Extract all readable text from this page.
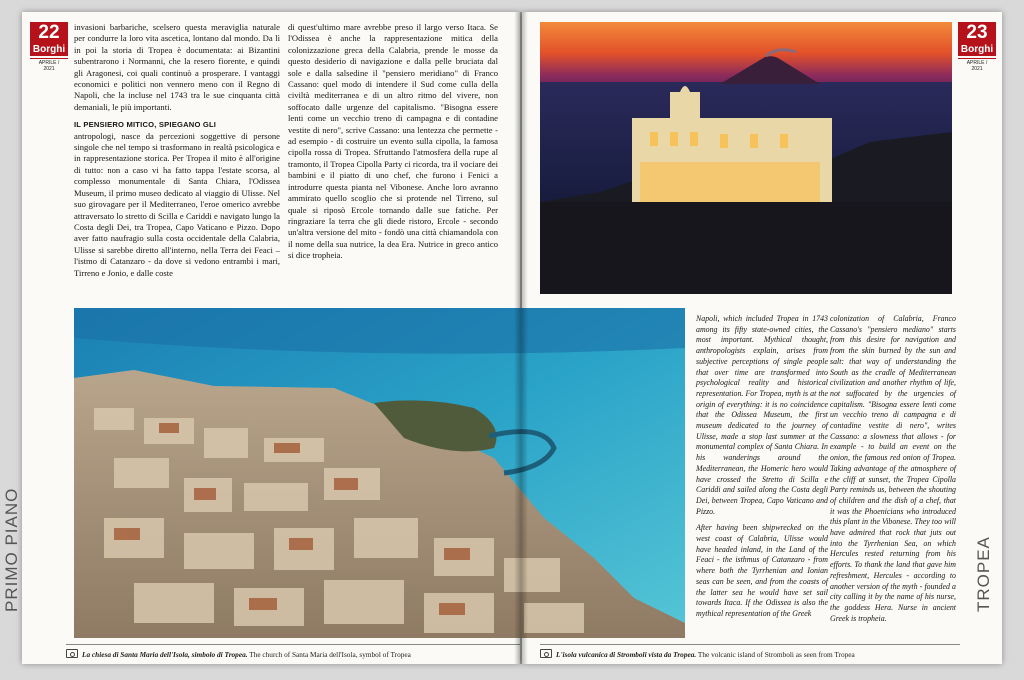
22
Borghi
APRILE /
2021

invasioni barbariche, scelsero questa meraviglia naturale per condurre la loro vita ascetica, lontano dal mondo. Da lì in poi la storia di Tropea è documentata: ai Bizantini subentrarono i Normanni, che la resero fiorente, e quindi gli Aragonesi, coi quali continuò a prosperare. I vantaggi economici e politici non vennero meno con il Regno di Napoli, che la incluse nel 1743 tra le sue cinquanta città demaniali, le più importanti.

IL PENSIERO MITICO, SPIEGANO GLI

antropologi, nasce da percezioni soggettive di persone singole che nel tempo si trasformano in realtà psicologica e in rappresentazione storica. Per Tropea il mito è all'origine di tutto: non a caso vi ha fatto tappa l'estate scorsa, al complesso monumentale di Santa Chiara, l'Odissea Museum, il primo museo dedicato al viaggio di Ulisse. Nel suo girovagare per il Mediterraneo, l'eroe omerico avrebbe attraversato lo stretto di Scilla e Cariddi e navigato lungo la Costa degli Dei, tra Tropea, Capo Vaticano e Pizzo. Dopo aver fatto naufragio sulla costa occidentale della Calabria, Ulisse si sarebbe diretto all'interno, nella Terra dei Feaci – l'istmo di Catanzaro - da dove si vedono entrambi i mari, Tirreno e Jonio, e dalle coste

di quest'ultimo mare avrebbe preso il largo verso Itaca. Se l'Odissea è anche la rappresentazione mitica della colonizzazione greca della Calabria, prende le mosse da questo desiderio di navigazione e dalla pelle bruciata dal sole e dalla salsedine il "pensiero meridiano" di Franco Cassano: quel modo di intendere il Sud come culla della civiltà mediterranea e di un altro ritmo del vivere, non soffocato dalle urgenze del capitalismo. "Bisogna essere lenti come un vecchio treno di campagna e di contadine vestite di nero", scrive Cassano: una lentezza che permette - ad esempio - di costruire un evento sulla cipolla, la famosa cipolla rossa di Tropea. Sfruttando l'atmosfera della rupe al tramonto, il Tropea Cipolla Party ci ricorda, tra il vociare dei bambini e il piatto di uno chef, che furono i Fenici a introdurre questa pianta nel Vibonese. Anche loro avranno ammirato quello scoglio che si protende nel Tirreno, sul quale si riposò Ercole tornando dalle sue fatiche. Per ringraziare la terra che gli diede ristoro, Ercole - secondo un'altra versione del mito - fondò una città chiamandola con il nome della sua nutrice, la dea Era. Nutrice in greco antico si dice tropheia.

PRIMO PIANO
La chiesa di Santa Maria dell'Isola, simbolo di Tropea. The church of Santa Maria dell'Isola, symbol of Tropea
23
Borghi
APRILE /
2021

Napoli, which included Tropea in 1743 among its fifty state-owned cities, the most important. Mythical thought, anthropologists explain, arises from subjective perceptions of single people that over time are transformed into psychological reality and historical representation. For Tropea, myth is at the origin of everything: it is no coincidence that the Odissea Museum, the first museum dedicated to the journey of Ulisse, made a stop last summer at the monumental complex of Santa Chiara. In his wanderings around the Mediterranean, the Homeric hero would have crossed the Stretto di Scilla e Cariddi and sailed along the Costa degli Dei, between Tropea, Capo Vaticano and Pizzo.

After having been shipwrecked on the west coast of Calabria, Ulisse would have headed inland, in the Land of the Feaci - the isthmus of Catanzaro - from where both the Tyrrhenian and Ionian seas can be seen, and from the coasts of the latter sea he would have set sail towards Itaca. If the Odissea is also the mythical representation of the Greek

colonization of Calabria, Franco Cassano's "pensiero mediano" starts from this desire for navigation and from the skin burned by the sun and salt: that way of understanding the South as the cradle of Mediterranean civilization and another rhythm of life, not suffocated by the urgencies of capitalism. "Bisogna essere lenti come un vecchio treno di campagna e di contadine vestite di nero", writes Cassano: a slowness that allows - for example - to build an event on the onion, the famous red onion of Tropea. Taking advantage of the atmosphere of the cliff at sunset, the Tropea Cipolla Party reminds us, between the shouting of children and the dish of a chef, that it was the Phoenicians who introduced this plant in the Vibonese. They too will have admired that rock that juts out into the Tyrrhenian Sea, on which Hercules rested returning from his efforts. To thank the land that gave him refreshment, Hercules - according to another version of the myth - founded a city calling it by the name of his nurse, the goddess Hera. Nurse in ancient Greek is tropheia.

TROPEA
L'isola vulcanica di Stromboli vista da Tropea. The volcanic island of Stromboli as seen from Tropea
